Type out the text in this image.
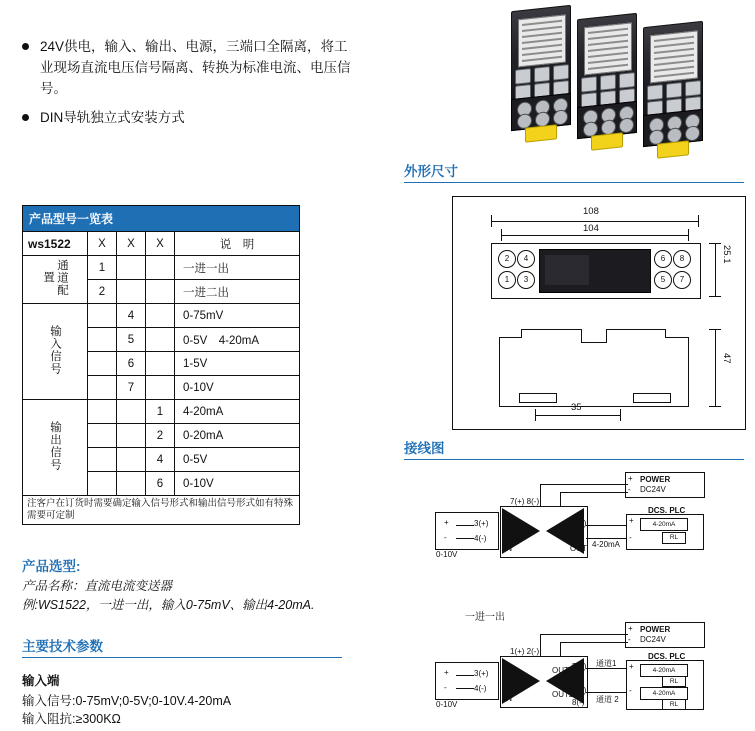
24V供电，输入、输出、电源，三端口全隔离，将工业现场直流电压信号隔离、转换为标准电流、电压信号。
DIN导轨独立式安装方式
外形尺寸
接线图
产品型号一览表				
ws1522	X	X	X	说　明
通道配置	1			一进一出
	2			一进二出
输入信号		4		0-75mV
		5		0-5V　4-20mA
		6		1-5V
		7		0-10V
输出信号			1	4-20mA
			2	0-20mA
			4	0-5V
			6	0-10V
注客户在订货时需要确定输入信号形式和输出信号形式如有特殊需要可定制				
产品选型:
产品名称：直流电流变送器
例:WS1522，一进一出，输入0-75mV、输出4-20mA.
主要技术参数
输入端
输入信号:0-75mV;0-5V;0-10V.4-20mA
输入阻抗:≥300KΩ
108
104
2	4
1	3
6	8
5	7
25.1
47
35
POWER
DC24V
+
-
+
-
0-10V
IN	OUT
7(+) 8(-)
3(+)
4(-)
5(+)
6(-)
4-20mA
DCS. PLC
+
-
4-20mA
RL
一进一出
POWER
DC24V
+
-
+
-
0-10V
IN
OUT1
OUT2
1(+) 2(-)
3(+)
4(-)
5(+)
6(-)
7(+)
8(-)
通道1
通道 2
DCS. PLC
+
-
4-20mA
RL
4-20mA
RL
